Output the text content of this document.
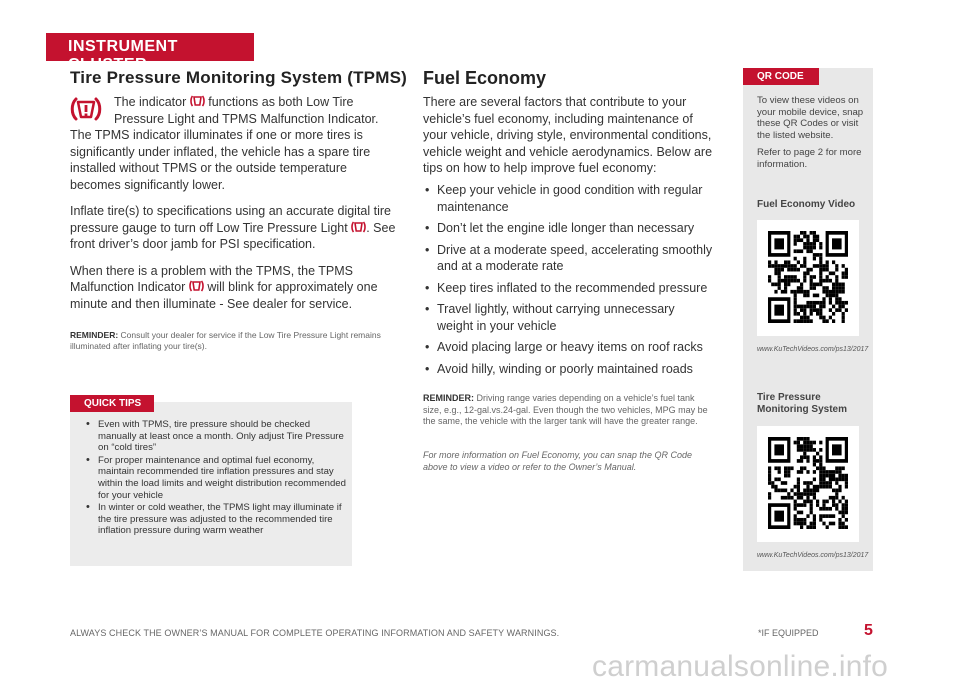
INSTRUMENT CLUSTER
Tire Pressure Monitoring System (TPMS)

The indicator functions as both Low Tire Pressure Light and TPMS Malfunction Indicator.
The TPMS indicator illuminates if one or more tires is significantly under inflated, the vehicle has a spare tire installed without TPMS or the outside temperature becomes significantly lower.

Inflate tire(s) to specifications using an accurate digital tire pressure gauge to turn off Low Tire Pressure Light . See front driver’s door jamb for PSI specification.

When there is a problem with the TPMS, the TPMS Malfunction Indicator will blink for approximately one minute and then illuminate - See dealer for service.

REMINDER: Consult your dealer for service if the Low Tire Pressure Light remains illuminated after inflating your tire(s).
QUICK TIPS
• Even with TPMS, tire pressure should be checked manually at least once a month. Only adjust Tire Pressure on “cold tires”
• For proper maintenance and optimal fuel economy, maintain recommended tire inflation pressures and stay within the load limits and weight distribution recommended for your vehicle
• In winter or cold weather, the TPMS light may illuminate if the tire pressure was adjusted to the recommended tire inflation pressure during warm weather
Fuel Economy
There are several factors that contribute to your vehicle’s fuel economy, including maintenance of your vehicle, driving style, environmental conditions, vehicle weight and vehicle aerodynamics. Below are tips on how to help improve fuel economy:
• Keep your vehicle in good condition with regular maintenance
• Don’t let the engine idle longer than necessary
• Drive at a moderate speed, accelerating smoothly and at a moderate rate
• Keep tires inflated to the recommended pressure
• Travel lightly, without carrying unnecessary weight in your vehicle
• Avoid placing large or heavy items on roof racks
• Avoid hilly, winding or poorly maintained roads
REMINDER: Driving range varies depending on a vehicle’s fuel tank size, e.g., 12-gal.vs.24-gal. Even though the two vehicles, MPG may be the same, the vehicle with the larger tank will have the greater range.
For more information on Fuel Economy, you can snap the QR Code above to view a video or refer to the Owner’s Manual.
QR CODE

To view these videos on your mobile device, snap these QR Codes or visit the listed website.

Refer to page 2 for more information.

Fuel Economy Video
www.KuTechVideos.com/ps13/2017
Tire Pressure Monitoring System
www.KuTechVideos.com/ps13/2017
ALWAYS CHECK THE OWNER’S MANUAL FOR COMPLETE OPERATING INFORMATION AND SAFETY WARNINGS.	*IF EQUIPPED	5
carmanualsonline.info
